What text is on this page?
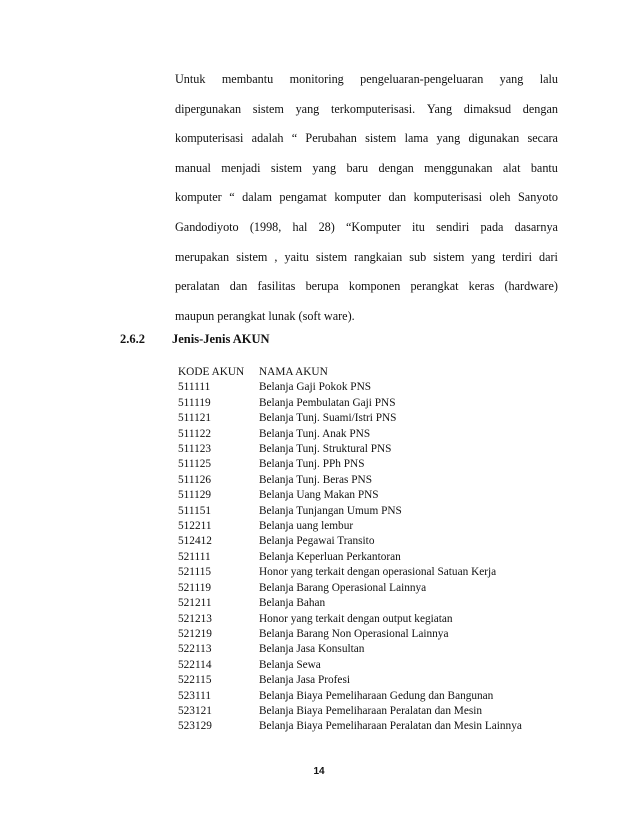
Untuk membantu monitoring pengeluaran-pengeluaran yang lalu
dipergunakan sistem yang terkomputerisasi. Yang dimaksud dengan
komputerisasi adalah “ Perubahan sistem lama yang digunakan secara
manual menjadi sistem yang baru dengan menggunakan alat bantu
komputer “ dalam pengamat komputer dan komputerisasi oleh Sanyoto
Gandodiyoto (1998, hal 28) “Komputer itu sendiri pada dasarnya
merupakan sistem , yaitu sistem rangkaian sub sistem yang terdiri dari
peralatan dan fasilitas berupa komponen perangkat keras (hardware)
maupun perangkat lunak (soft ware).
2.6.2	Jenis-Jenis AKUN
KODE AKUN	NAMA AKUN
511111	Belanja Gaji Pokok PNS
511119	Belanja Pembulatan Gaji PNS
511121	Belanja Tunj. Suami/Istri PNS
511122	Belanja Tunj. Anak PNS
511123	Belanja Tunj. Struktural PNS
511125	Belanja Tunj. PPh PNS
511126	Belanja Tunj. Beras PNS
511129	Belanja Uang Makan PNS
511151	Belanja Tunjangan Umum PNS
512211	Belanja uang lembur
512412	Belanja Pegawai Transito
521111	Belanja Keperluan Perkantoran
521115	Honor yang terkait dengan operasional Satuan Kerja
521119	Belanja Barang Operasional Lainnya
521211	Belanja Bahan
521213	Honor yang terkait dengan output kegiatan
521219	Belanja Barang Non Operasional Lainnya
522113	Belanja Jasa Konsultan
522114	Belanja Sewa
522115	Belanja Jasa Profesi
523111	Belanja Biaya Pemeliharaan Gedung dan Bangunan
523121	Belanja Biaya Pemeliharaan Peralatan dan Mesin
523129	Belanja Biaya Pemeliharaan Peralatan dan Mesin Lainnya
14
